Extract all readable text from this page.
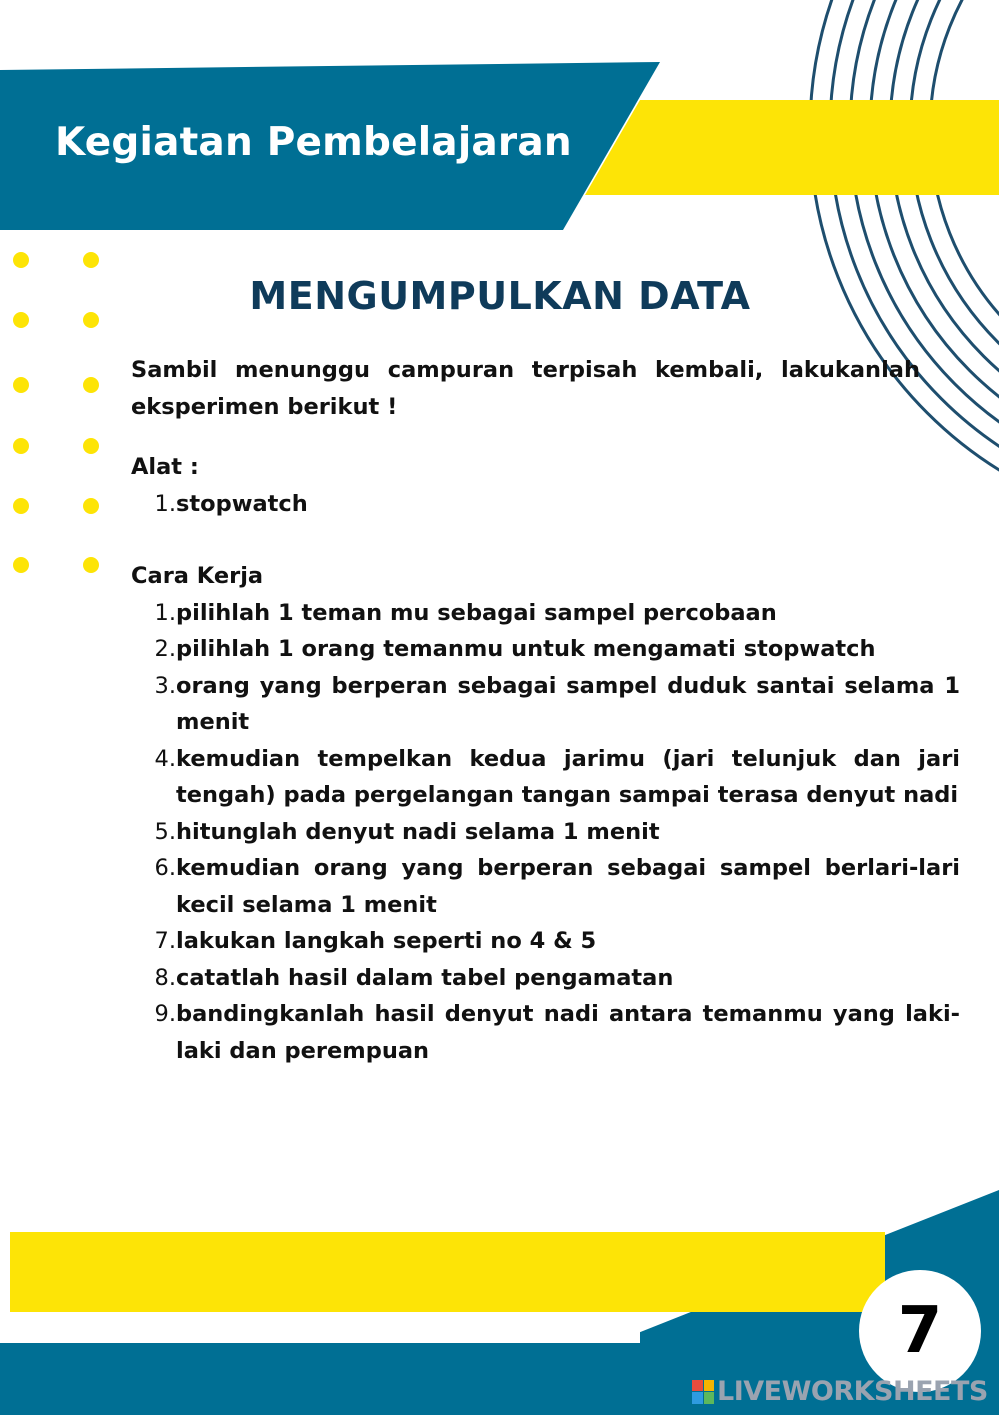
Kegiatan Pembelajaran
MENGUMPULKAN DATA

Sambil menunggu campuran terpisah kembali, lakukanlah eksperimen berikut !

Alat :

1. stopwatch

Cara Kerja

1. pilihlah 1 teman mu sebagai sampel percobaan
2. pilihlah 1 orang temanmu untuk mengamati stopwatch
3. orang yang berperan sebagai sampel duduk santai selama 1 menit
4. kemudian tempelkan kedua jarimu (jari telunjuk dan jari tengah) pada pergelangan tangan sampai terasa denyut nadi
5. hitunglah denyut nadi selama 1 menit
6. kemudian orang yang berperan sebagai sampel berlari-lari kecil selama 1 menit
7. lakukan langkah seperti no 4 & 5
8. catatlah hasil dalam tabel pengamatan
9. bandingkanlah hasil denyut nadi antara temanmu yang laki-laki dan perempuan
7
LIVEWORKSHEETS
